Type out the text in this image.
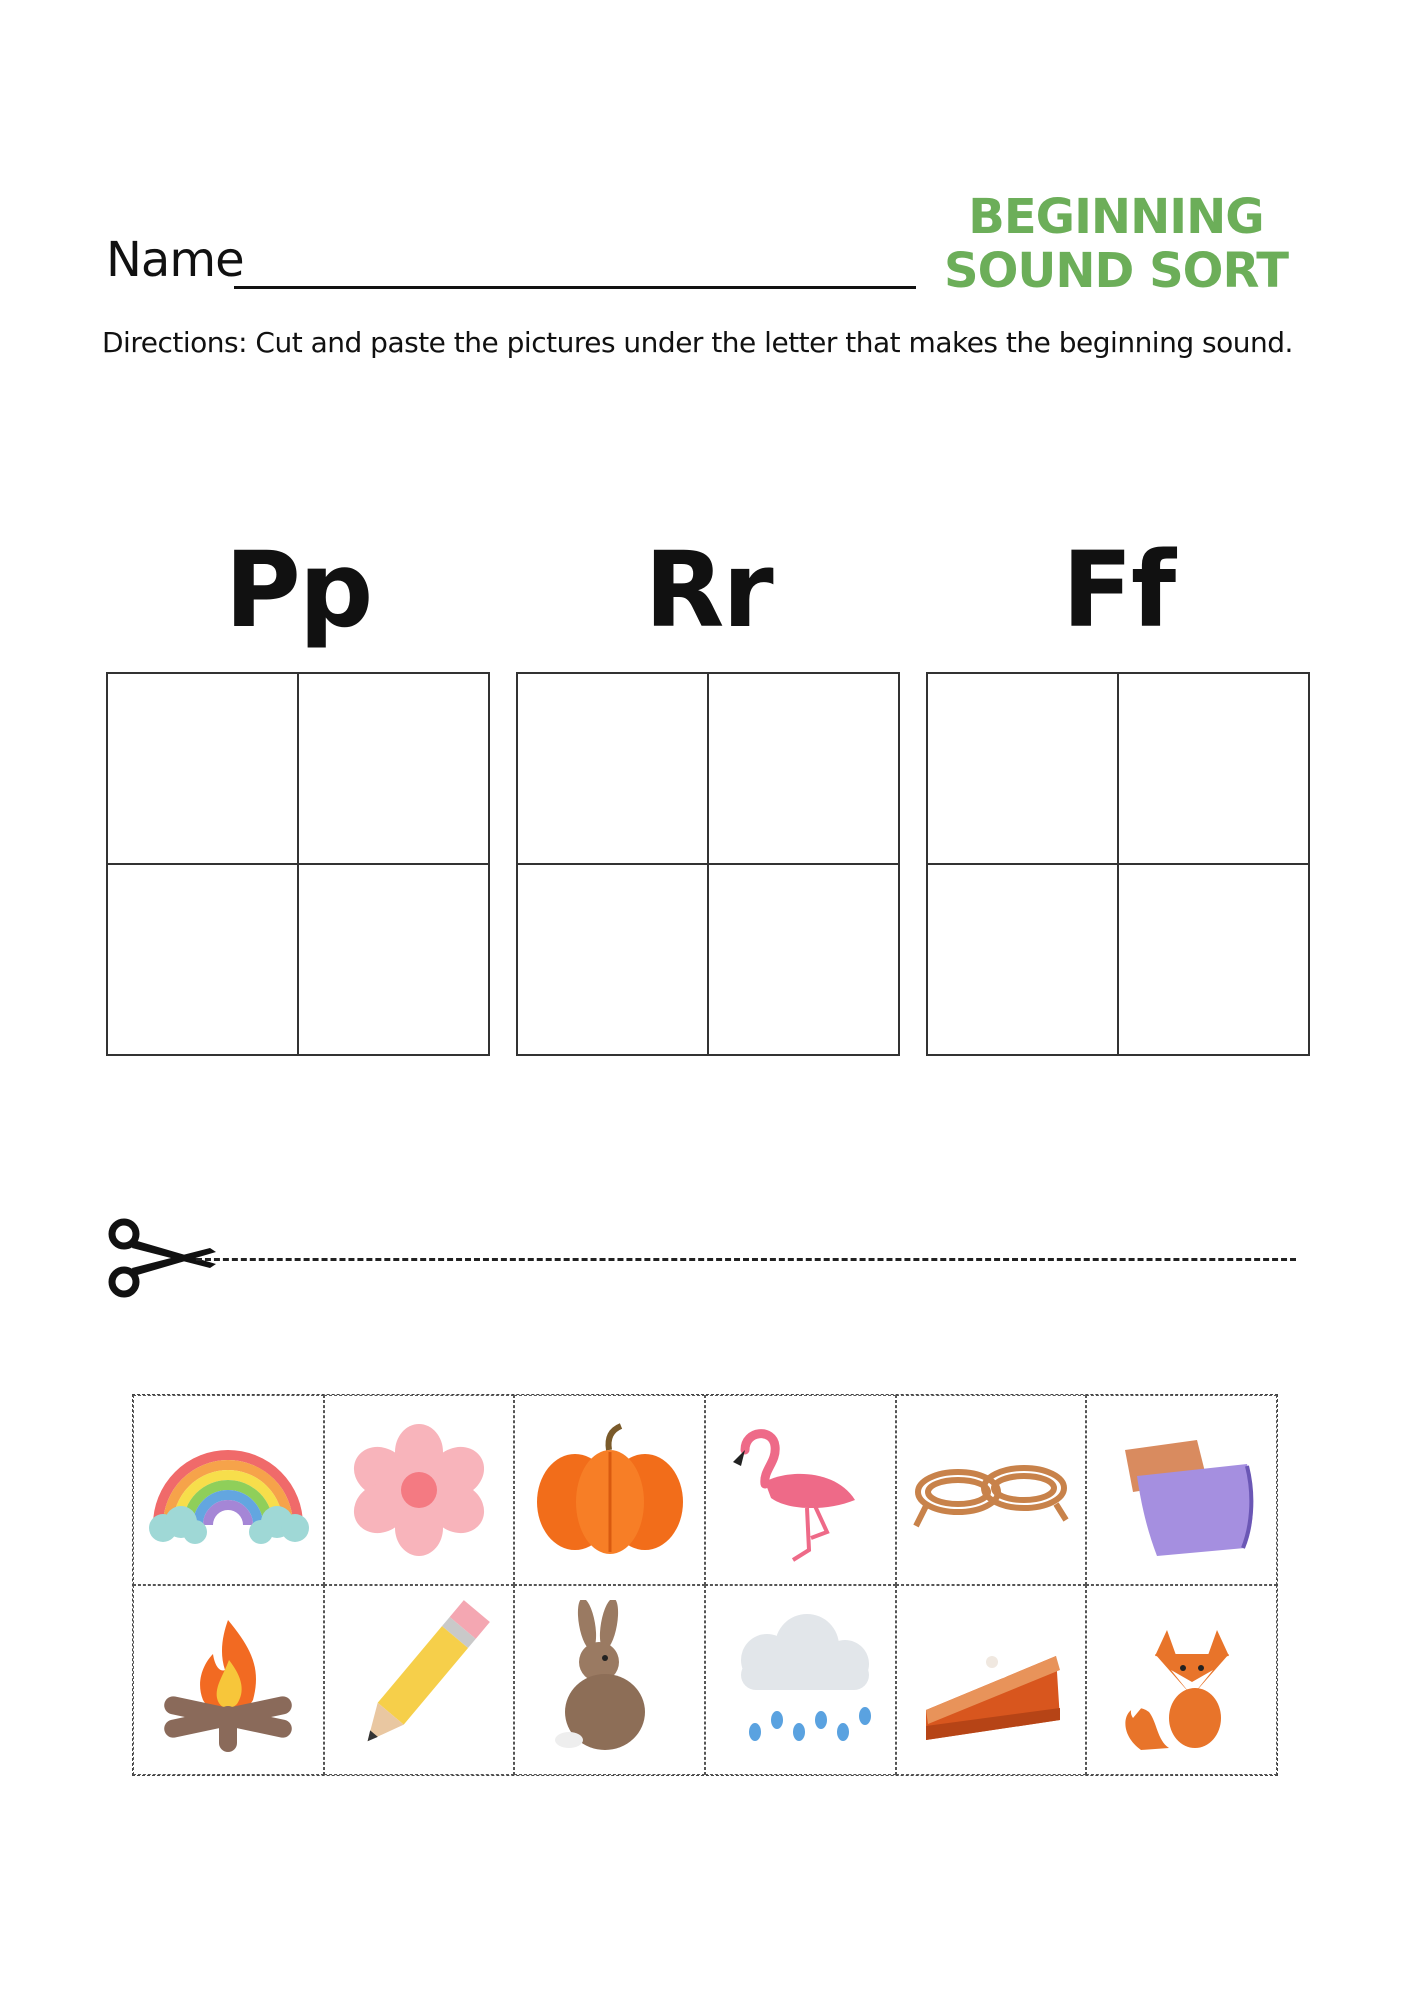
Name
BEGINNING
SOUND SORT
Directions: Cut and paste the pictures under the letter that makes the beginning sound.
Pp	Rr	Ff
